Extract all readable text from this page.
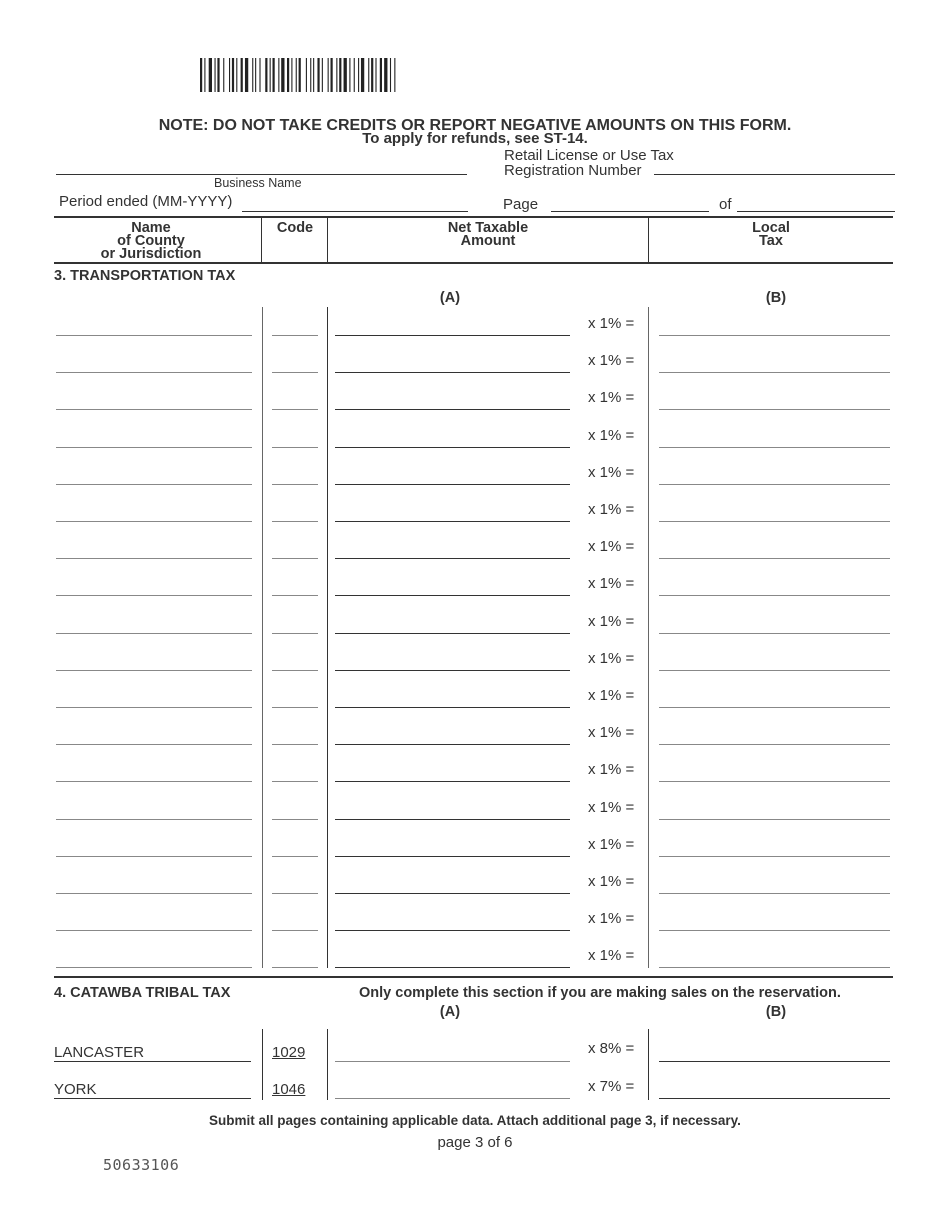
NOTE: DO NOT TAKE CREDITS OR REPORT NEGATIVE AMOUNTS ON THIS FORM.
To apply for refunds, see ST-14.
Business Name
Retail License or Use Tax
Registration Number
Period ended (MM-YYYY)	Page	of
Name
of County
or Jurisdiction
Code	Net Taxable
Amount
Local
Tax
3. TRANSPORTATION TAX
(A)	(B)
x 1% =
x 1% =
x 1% =
x 1% =
x 1% =
x 1% =
x 1% =
x 1% =
x 1% =
x 1% =
x 1% =
x 1% =
x 1% =
x 1% =
x 1% =
x 1% =
x 1% =
x 1% =
4. CATAWBA TRIBAL TAX	Only complete this section if you are making sales on the reservation.
(A)	(B)
LANCASTER	1029	x 8% =
YORK	1046	x 7% =
Submit all pages containing applicable data. Attach additional page 3, if necessary.
page 3 of 6
50633106
